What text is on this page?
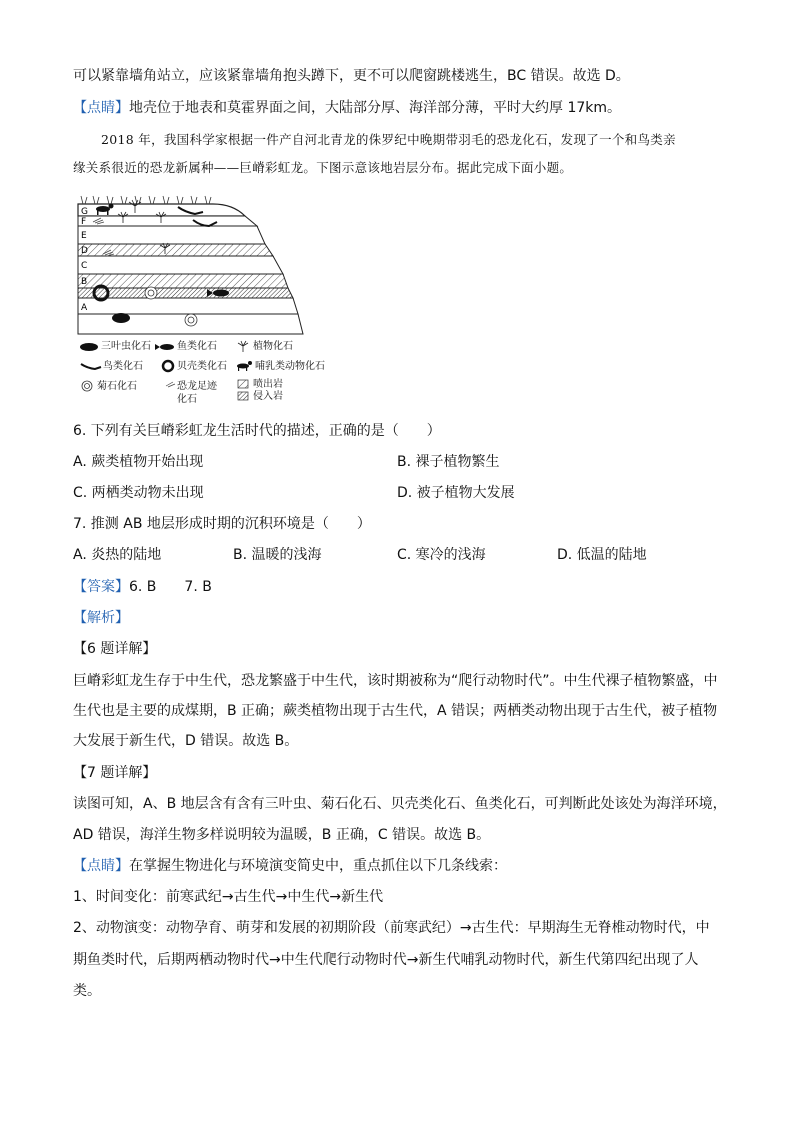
可以紧靠墙角站立，应该紧靠墙角抱头蹲下，更不可以爬窗跳楼逃生，BC 错误。故选 D。
【点睛】地壳位于地表和莫霍界面之间，大陆部分厚、海洋部分薄，平时大约厚 17km。
2018 年，我国科学家根据一件产自河北青龙的侏罗纪中晚期带羽毛的恐龙化石，发现了一个和鸟类亲
缘关系很近的恐龙新属种——巨嵴彩虹龙。下图示意该地岩层分布。据此完成下面小题。
G
F
E
D
C
B
A
三叶虫化石	鱼类化石	植物化石
鸟类化石	贝壳类化石	哺乳类动物化石
菊石化石	恐龙足迹
化石
喷出岩
侵入岩
6. 下列有关巨嵴彩虹龙生活时代的描述，正确的是（　　）
A. 蕨类植物开始出现	B. 裸子植物繁生
C. 两栖类动物未出现	D. 被子植物大发展
7. 推测 AB 地层形成时期的沉积环境是（　　）
A. 炎热的陆地	B. 温暖的浅海	C. 寒冷的浅海	D. 低温的陆地
【答案】6. B　　7. B
【解析】
【6 题详解】
巨嵴彩虹龙生存于中生代，恐龙繁盛于中生代，该时期被称为“爬行动物时代”。中生代裸子植物繁盛，中
生代也是主要的成煤期，B 正确；蕨类植物出现于古生代，A 错误；两栖类动物出现于古生代，被子植物
大发展于新生代，D 错误。故选 B。
【7 题详解】
读图可知，A、B 地层含有含有三叶虫、菊石化石、贝壳类化石、鱼类化石，可判断此处该处为海洋环境，
AD 错误，海洋生物多样说明较为温暖，B 正确，C 错误。故选 B。
【点睛】在掌握生物进化与环境演变简史中，重点抓住以下几条线索：
1、时间变化：前寒武纪→古生代→中生代→新生代
2、动物演变：动物孕育、萌芽和发展的初期阶段（前寒武纪）→古生代：早期海生无脊椎动物时代，中
期鱼类时代，后期两栖动物时代→中生代爬行动物时代→新生代哺乳动物时代，新生代第四纪出现了人
类。
